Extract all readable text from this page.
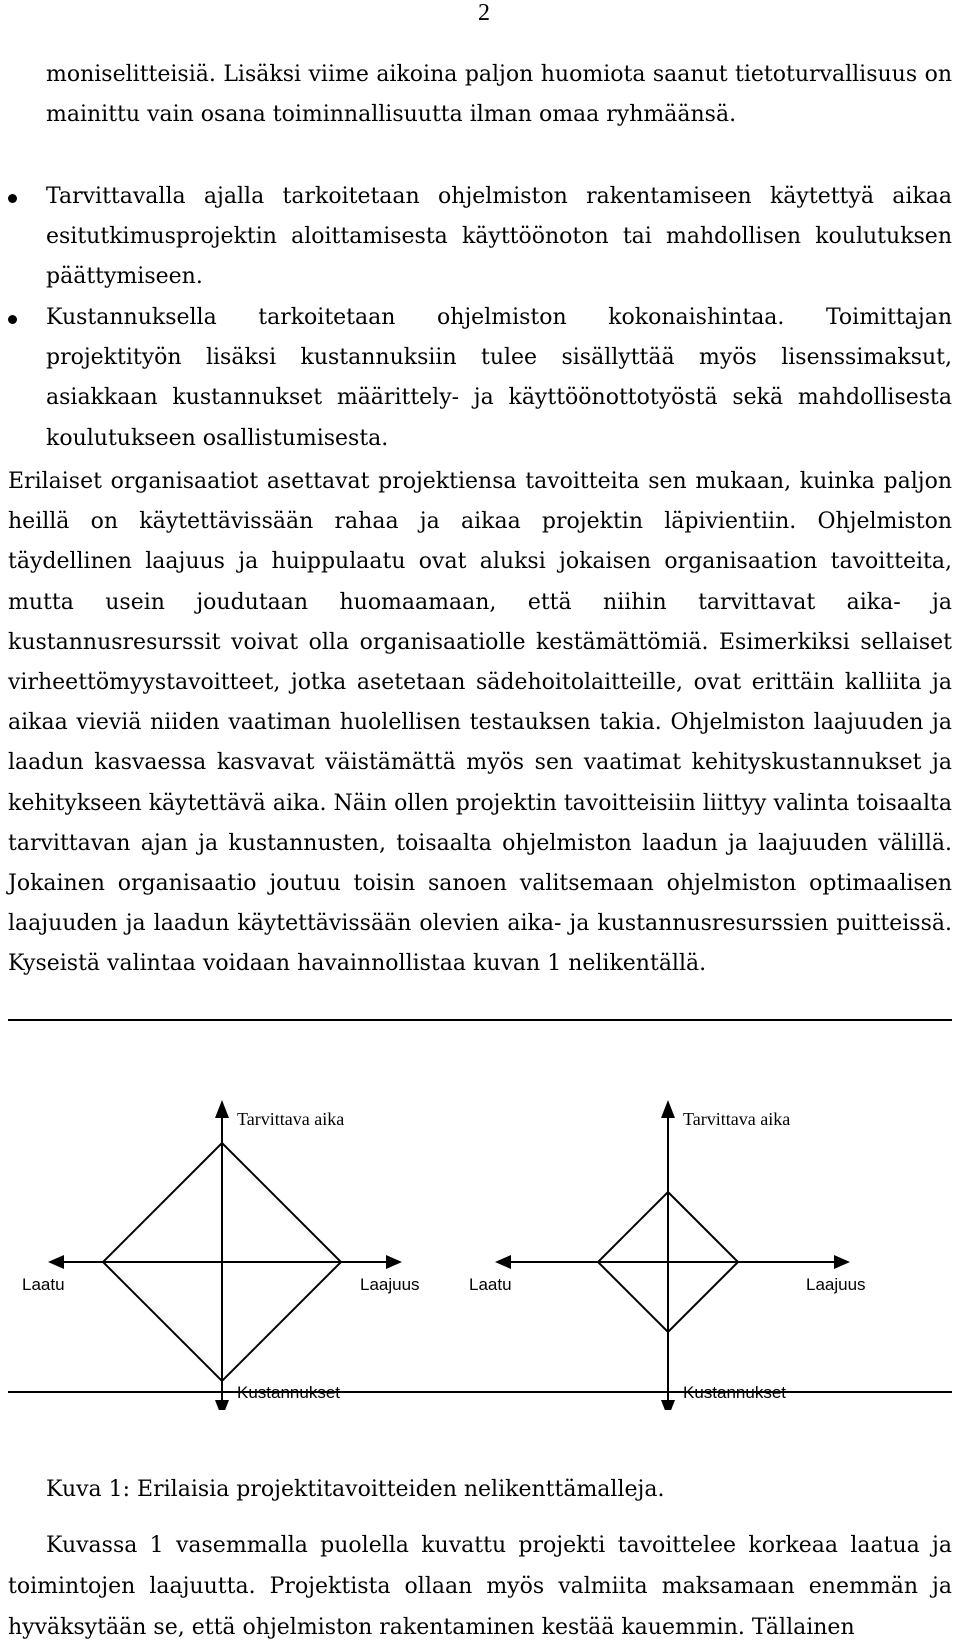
2
moniselitteisiä. Lisäksi viime aikoina paljon huomiota saanut tietoturvallisuus on mainittu vain osana toiminnallisuutta ilman omaa ryhmäänsä.
Tarvittavalla ajalla tarkoitetaan ohjelmiston rakentamiseen käytettyä aikaa esitutkimusprojektin aloittamisesta käyttöönoton tai mahdollisen koulutuksen päättymiseen.
Kustannuksella tarkoitetaan ohjelmiston kokonaishintaa. Toimittajan projektityön lisäksi kustannuksiin tulee sisällyttää myös lisenssimaksut, asiakkaan kustannukset määrittely- ja käyttöönottotyöstä sekä mahdollisesta koulutukseen osallistumisesta.
Erilaiset organisaatiot asettavat projektiensa tavoitteita sen mukaan, kuinka paljon heillä on käytettävissään rahaa ja aikaa projektin läpivientiin. Ohjelmiston täydellinen laajuus ja huippulaatu ovat aluksi jokaisen organisaation tavoitteita, mutta usein joudutaan huomaamaan, että niihin tarvittavat aika- ja kustannusresurssit voivat olla organisaatiolle kestämättömiä. Esimerkiksi sellaiset virheettömyystavoitteet, jotka asetetaan sädehoitolaitteille, ovat erittäin kalliita ja aikaa vieviä niiden vaatiman huolellisen testauksen takia. Ohjelmiston laajuuden ja laadun kasvaessa kasvavat väistämättä myös sen vaatimat kehityskustannukset ja kehitykseen käytettävä aika. Näin ollen projektin tavoitteisiin liittyy valinta toisaalta tarvittavan ajan ja kustannusten, toisaalta ohjelmiston laadun ja laajuuden välillä. Jokainen organisaatio joutuu toisin sanoen valitsemaan ohjelmiston optimaalisen laajuuden ja laadun käytettävissään olevien aika- ja kustannusresurssien puitteissä. Kyseistä valintaa voidaan havainnollistaa kuvan 1 nelikentällä.
Tarvittava aika
Laatu	Laajuus
Kustannukset
Tarvittava aika
Laatu	Laajuus
Kustannukset
Kuva 1: Erilaisia projektitavoitteiden nelikenttämalleja.
Kuvassa 1 vasemmalla puolella kuvattu projekti tavoittelee korkeaa laatua ja toimintojen laajuutta. Projektista ollaan myös valmiita maksamaan enemmän ja hyväksytään se, että ohjelmiston rakentaminen kestää kauemmin. Tällainen
